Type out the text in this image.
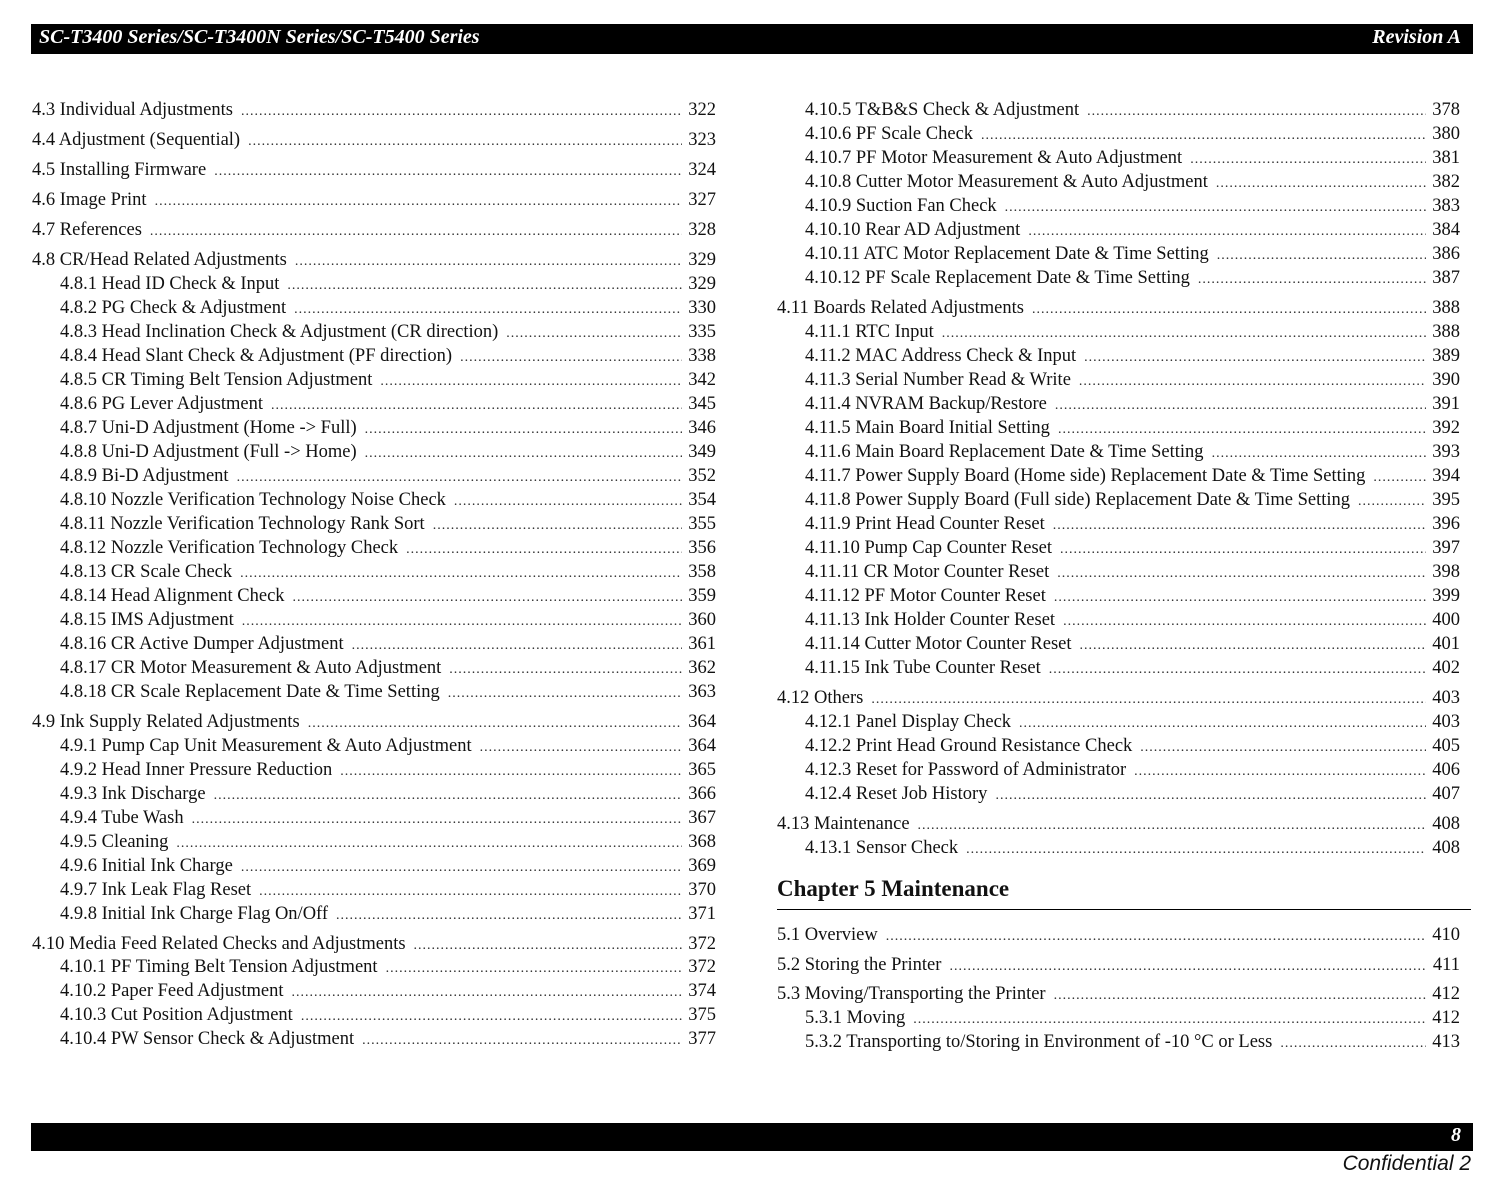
SC-T3400 Series/SC-T3400N Series/SC-T5400 Series	Revision A
4.3 Individual Adjustments .....	322
4.4 Adjustment (Sequential) .....	323
4.5 Installing Firmware .....	324
4.6 Image Print .....	327
4.7 References .....	328
4.8 CR/Head Related Adjustments .....	329
4.8.1 Head ID Check & Input .....	329
4.8.2 PG Check & Adjustment .....	330
4.8.3 Head Inclination Check & Adjustment (CR direction) .....	335
4.8.4 Head Slant Check & Adjustment (PF direction) .....	338
4.8.5 CR Timing Belt Tension Adjustment .....	342
4.8.6 PG Lever Adjustment .....	345
4.8.7 Uni-D Adjustment (Home -> Full) .....	346
4.8.8 Uni-D Adjustment (Full -> Home) .....	349
4.8.9 Bi-D Adjustment .....	352
4.8.10 Nozzle Verification Technology Noise Check .....	354
4.8.11 Nozzle Verification Technology Rank Sort .....	355
4.8.12 Nozzle Verification Technology Check .....	356
4.8.13 CR Scale Check .....	358
4.8.14 Head Alignment Check .....	359
4.8.15 IMS Adjustment .....	360
4.8.16 CR Active Dumper Adjustment .....	361
4.8.17 CR Motor Measurement & Auto Adjustment .....	362
4.8.18 CR Scale Replacement Date & Time Setting .....	363
4.9 Ink Supply Related Adjustments .....	364
4.9.1 Pump Cap Unit Measurement & Auto Adjustment .....	364
4.9.2 Head Inner Pressure Reduction .....	365
4.9.3 Ink Discharge .....	366
4.9.4 Tube Wash .....	367
4.9.5 Cleaning .....	368
4.9.6 Initial Ink Charge .....	369
4.9.7 Ink Leak Flag Reset .....	370
4.9.8 Initial Ink Charge Flag On/Off .....	371
4.10 Media Feed Related Checks and Adjustments .....	372
4.10.1 PF Timing Belt Tension Adjustment .....	372
4.10.2 Paper Feed Adjustment .....	374
4.10.3 Cut Position Adjustment .....	375
4.10.4 PW Sensor Check & Adjustment .....	377
4.10.5 T&B&S Check & Adjustment .....	378
4.10.6 PF Scale Check .....	380
4.10.7 PF Motor Measurement & Auto Adjustment .....	381
4.10.8 Cutter Motor Measurement & Auto Adjustment .....	382
4.10.9 Suction Fan Check .....	383
4.10.10 Rear AD Adjustment .....	384
4.10.11 ATC Motor Replacement Date & Time Setting .....	386
4.10.12 PF Scale Replacement Date & Time Setting .....	387
4.11 Boards Related Adjustments .....	388
4.11.1 RTC Input .....	388
4.11.2 MAC Address Check & Input .....	389
4.11.3 Serial Number Read & Write .....	390
4.11.4 NVRAM Backup/Restore .....	391
4.11.5 Main Board Initial Setting .....	392
4.11.6 Main Board Replacement Date & Time Setting .....	393
4.11.7 Power Supply Board (Home side) Replacement Date & Time Setting .....	394
4.11.8 Power Supply Board (Full side) Replacement Date & Time Setting .....	395
4.11.9 Print Head Counter Reset .....	396
4.11.10 Pump Cap Counter Reset .....	397
4.11.11 CR Motor Counter Reset .....	398
4.11.12 PF Motor Counter Reset .....	399
4.11.13 Ink Holder Counter Reset .....	400
4.11.14 Cutter Motor Counter Reset .....	401
4.11.15 Ink Tube Counter Reset .....	402
4.12 Others .....	403
4.12.1 Panel Display Check .....	403
4.12.2 Print Head Ground Resistance Check .....	405
4.12.3 Reset for Password of Administrator .....	406
4.12.4 Reset Job History .....	407
4.13 Maintenance .....	408
4.13.1 Sensor Check .....	408
5.1 Overview .....	410
5.2 Storing the Printer .....	411
5.3 Moving/Transporting the Printer .....	412
5.3.1 Moving .....	412
5.3.2 Transporting to/Storing in Environment of -10 °C or Less .....	413
Chapter 5 Maintenance
8
Confidential 2
